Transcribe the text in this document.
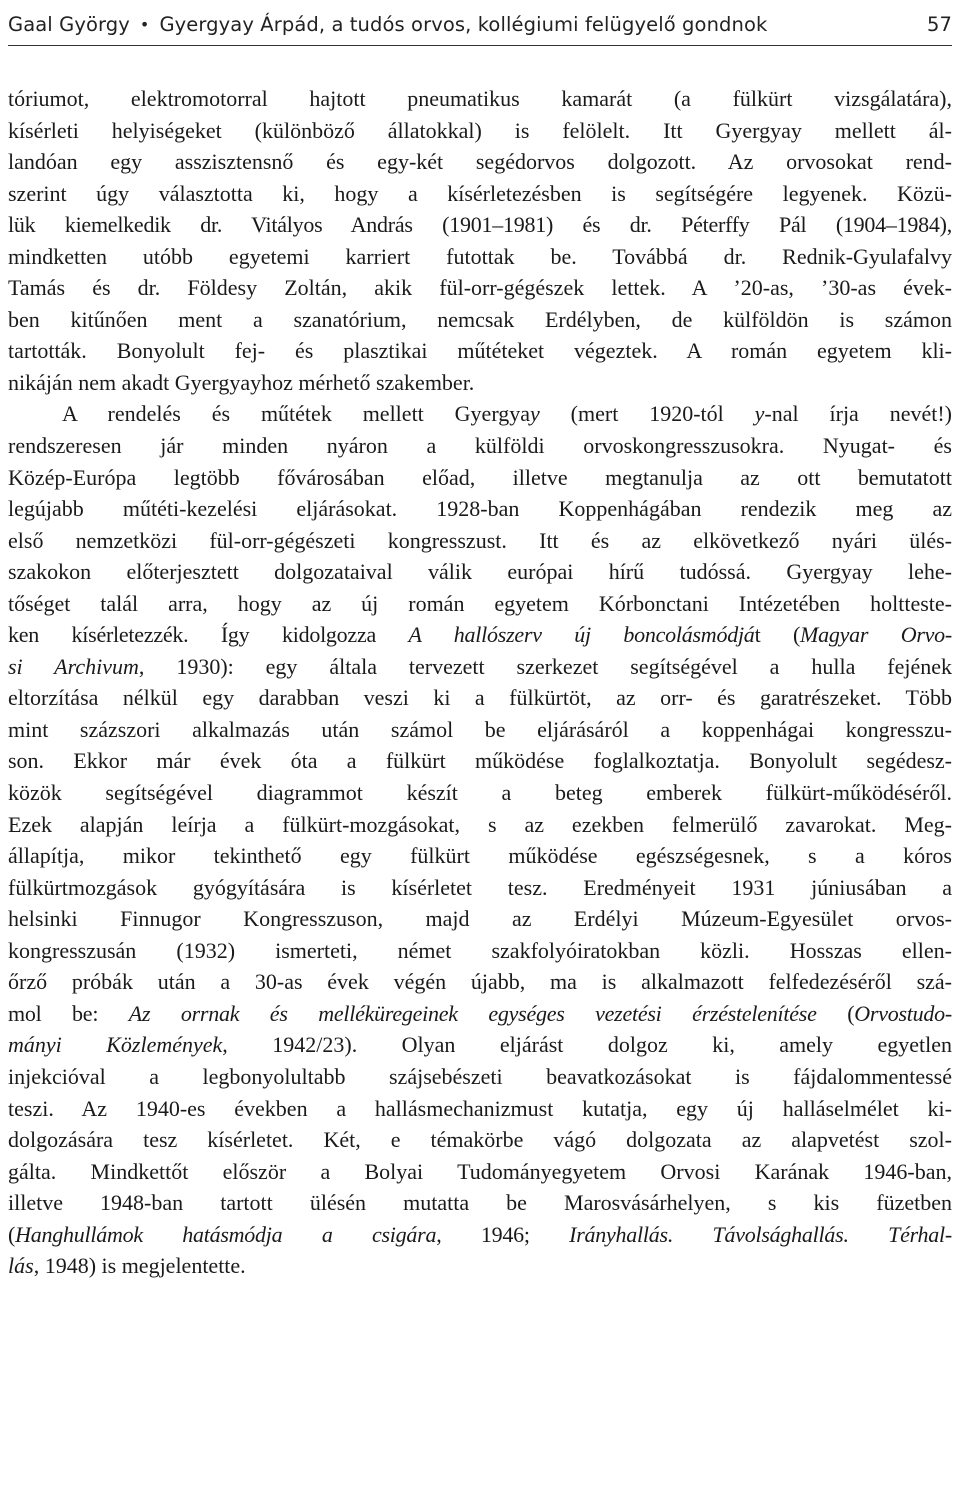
Gaal György • Gyergyay Árpád, a tudós orvos, kollégiumi felügyelő gondnok	57
tóriumot, elektromotorral hajtott pneumatikus kamarát (a fülkürt vizsgálatára),
kísérleti helyiségeket (különböző állatokkal) is felölelt. Itt Gyergyay mellett ál-
landóan egy asszisztensnő és egy-két segédorvos dolgozott. Az orvosokat rend-
szerint úgy választotta ki, hogy a kísérletezésben is segítségére legyenek. Közü-
lük kiemelkedik dr. Vitályos András (1901–1981) és dr. Péterffy Pál (1904–1984),
mindketten utóbb egyetemi karriert futottak be. Továbbá dr. Rednik-Gyulafalvy
Tamás és dr. Földesy Zoltán, akik fül-orr-gégészek lettek. A ’20-as, ’30-as évek-
ben kitűnően ment a szanatórium, nemcsak Erdélyben, de külföldön is számon
tartották. Bonyolult fej- és plasztikai műtéteket végeztek. A román egyetem kli-
nikáján nem akadt Gyergyayhoz mérhető szakember.
A rendelés és műtétek mellett Gyergyay (mert 1920-tól y-nal írja nevét!)
rendszeresen jár minden nyáron a külföldi orvoskongresszusokra. Nyugat- és
Közép-Európa legtöbb fővárosában előad, illetve megtanulja az ott bemutatott
legújabb műtéti-kezelési eljárásokat. 1928-ban Koppenhágában rendezik meg az
első nemzetközi fül-orr-gégészeti kongresszust. Itt és az elkövetkező nyári ülés-
szakokon előterjesztett dolgozataival válik európai hírű tudóssá. Gyergyay lehe-
tőséget talál arra, hogy az új román egyetem Kórbonctani Intézetében holtteste-
ken kísérletezzék. Így kidolgozza A hallószerv új boncolásmódját (Magyar Orvo-
si Archivum, 1930): egy általa tervezett szerkezet segítségével a hulla fejének
eltorzítása nélkül egy darabban veszi ki a fülkürtöt, az orr- és garatrészeket. Több
mint százszori alkalmazás után számol be eljárásáról a koppenhágai kongresszu-
son. Ekkor már évek óta a fülkürt működése foglalkoztatja. Bonyolult segédesz-
közök segítségével diagrammot készít a beteg emberek fülkürt-működéséről.
Ezek alapján leírja a fülkürt-mozgásokat, s az ezekben felmerülő zavarokat. Meg-
állapítja, mikor tekinthető egy fülkürt működése egészségesnek, s a kóros
fülkürtmozgások gyógyítására is kísérletet tesz. Eredményeit 1931 júniusában a
helsinki Finnugor Kongresszuson, majd az Erdélyi Múzeum-Egyesület orvos-
kongresszusán (1932) ismerteti, német szakfolyóiratokban közli. Hosszas ellen-
őrző próbák után a 30-as évek végén újabb, ma is alkalmazott felfedezéséről szá-
mol be: Az orrnak és melléküregeinek egységes vezetési érzéstelenítése (Orvostudo-
mányi Közlemények, 1942/23). Olyan eljárást dolgoz ki, amely egyetlen
injekcióval a legbonyolultabb szájsebészeti beavatkozásokat is fájdalommentessé
teszi. Az 1940-es években a hallásmechanizmust kutatja, egy új halláselmélet ki-
dolgozására tesz kísérletet. Két, e témakörbe vágó dolgozata az alapvetést szol-
gálta. Mindkettőt először a Bolyai Tudományegyetem Orvosi Karának 1946-ban,
illetve 1948-ban tartott ülésén mutatta be Marosvásárhelyen, s kis füzetben
(Hanghullámok hatásmódja a csigára, 1946; Irányhallás. Távolsághallás. Térhal-
lás, 1948) is megjelentette.
